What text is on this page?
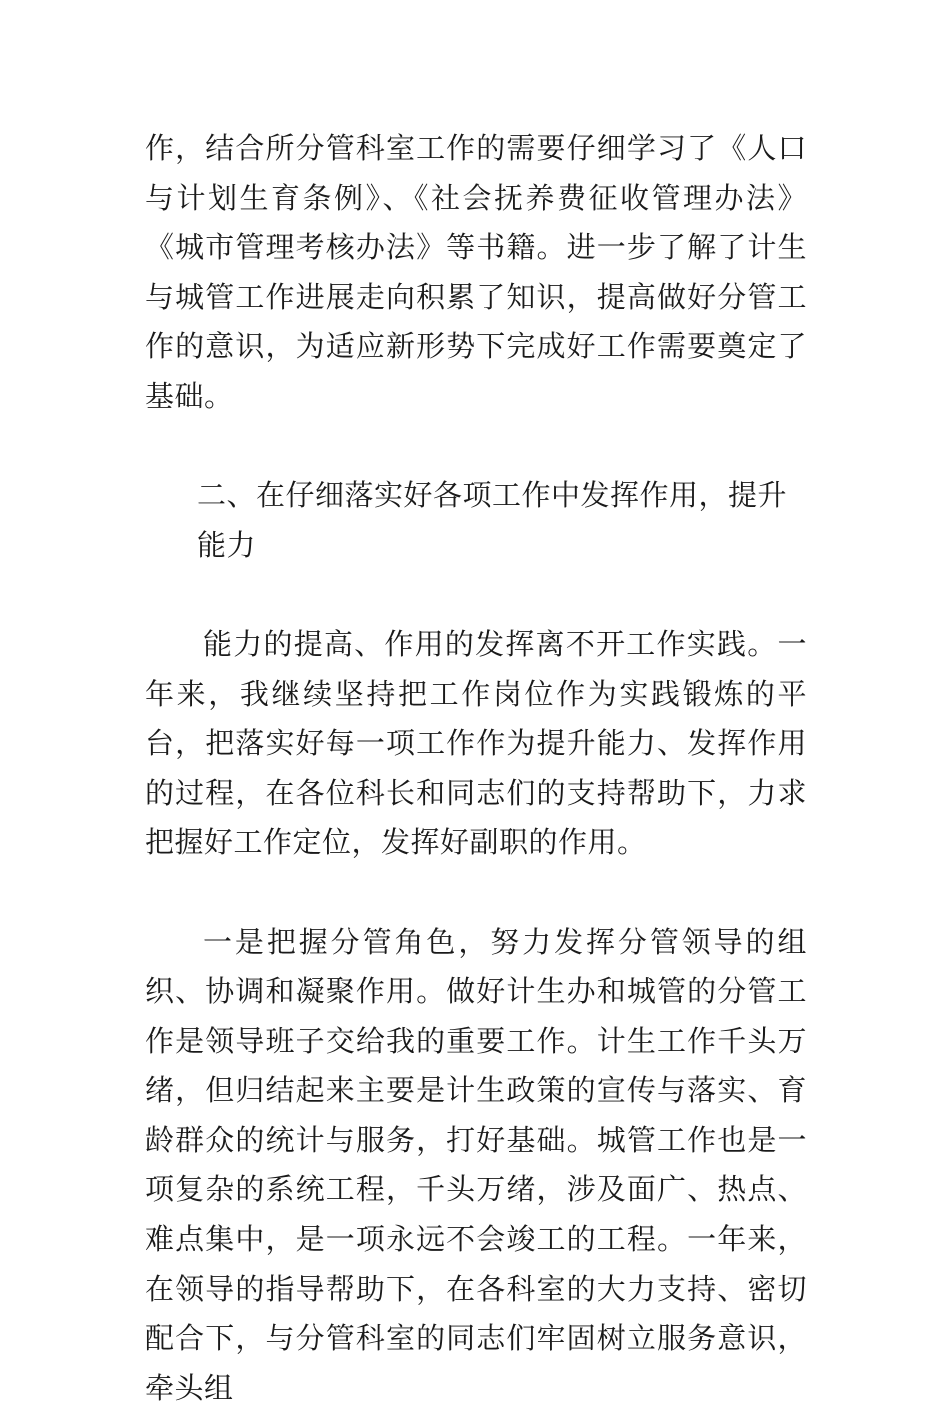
作，结合所分管科室工作的需要仔细学习了《人口与计划生育条例》、《社会抚养费征收管理办法》《城市管理考核办法》等书籍。进一步了解了计生与城管工作进展走向积累了知识，提高做好分管工作的意识，为适应新形势下完成好工作需要奠定了基础。

二、在仔细落实好各项工作中发挥作用，提升能力

能力的提高、作用的发挥离不开工作实践。一年来，我继续坚持把工作岗位作为实践锻炼的平台，把落实好每一项工作作为提升能力、发挥作用的过程，在各位科长和同志们的支持帮助下，力求把握好工作定位，发挥好副职的作用。

一是把握分管角色，努力发挥分管领导的组织、协调和凝聚作用。做好计生办和城管的分管工作是领导班子交给我的重要工作。计生工作千头万绪，但归结起来主要是计生政策的宣传与落实、育龄群众的统计与服务，打好基础。城管工作也是一项复杂的系统工程，千头万绪，涉及面广、热点、难点集中，是一项永远不会竣工的工程。一年来，在领导的指导帮助下，在各科室的大力支持、密切配合下，与分管科室的同志们牢固树立服务意识，牵头组
